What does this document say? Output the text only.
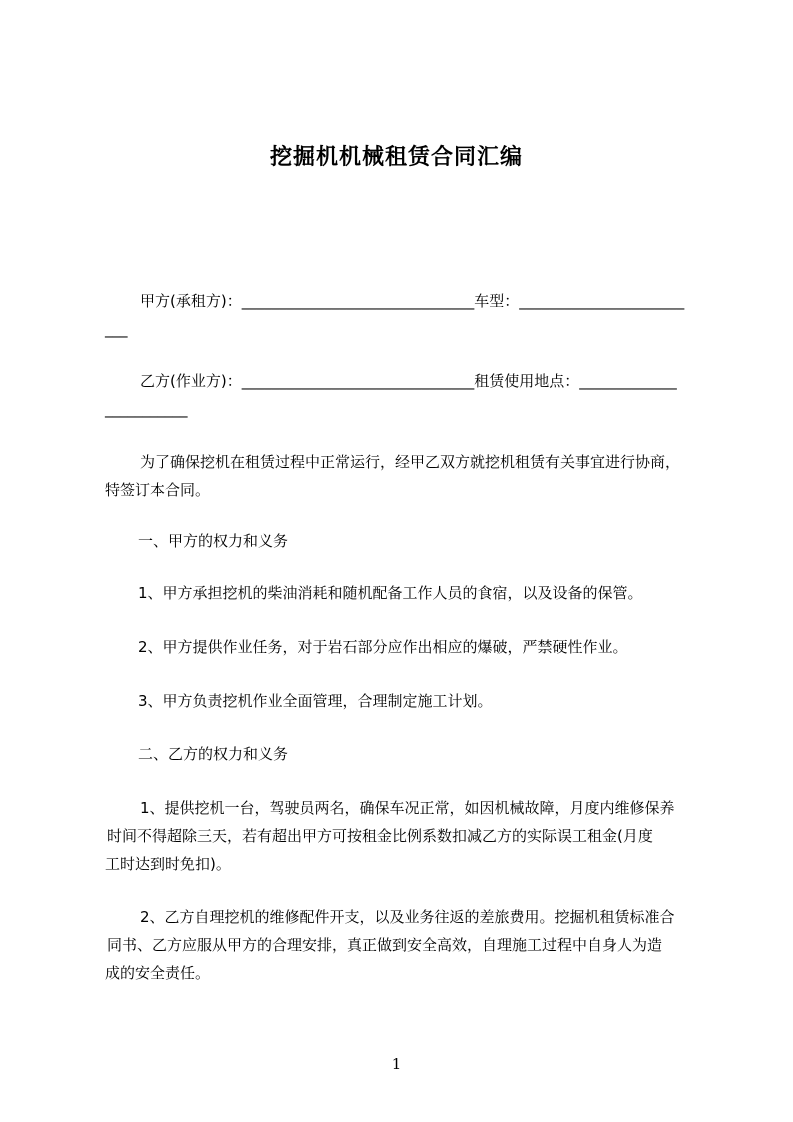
挖掘机机械租赁合同汇编
甲方(承租方)：_______________________________车型：______________________
___
乙方(作业方)：_______________________________租赁使用地点：_____________
___________
为了确保挖机在租赁过程中正常运行，经甲乙双方就挖机租赁有关事宜进行协商，
特签订本合同。
一、甲方的权力和义务
1、甲方承担挖机的柴油消耗和随机配备工作人员的食宿，以及设备的保管。
2、甲方提供作业任务，对于岩石部分应作出相应的爆破，严禁硬性作业。
3、甲方负责挖机作业全面管理，合理制定施工计划。
二、乙方的权力和义务
1、提供挖机一台，驾驶员两名，确保车况正常，如因机械故障，月度内维修保养
时间不得超除三天，若有超出甲方可按租金比例系数扣减乙方的实际误工租金(月度
工时达到时免扣)。
2、乙方自理挖机的维修配件开支，以及业务往返的差旅费用。挖掘机租赁标准合
同书、乙方应服从甲方的合理安排，真正做到安全高效，自理施工过程中自身人为造
成的安全责任。
1
